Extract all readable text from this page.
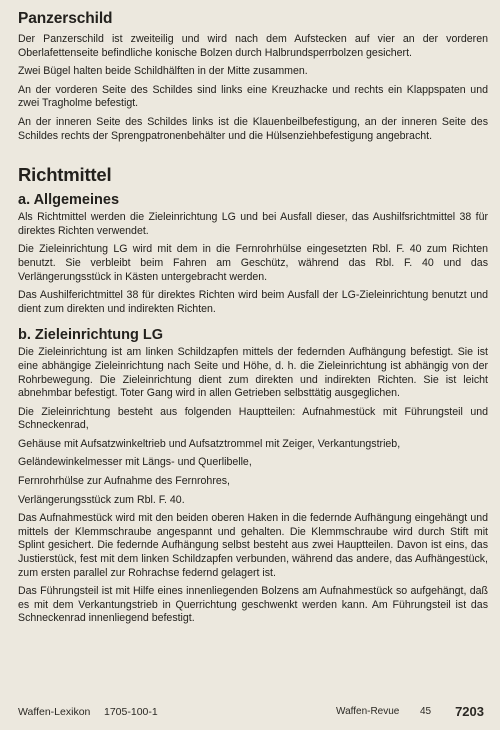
Panzerschild

Der Panzerschild ist zweiteilig und wird nach dem Aufstecken auf vier an der vorderen Oberlafettenseite befindliche konische Bolzen durch Halbrundsperrbolzen gesichert.

Zwei Bügel halten beide Schildhälften in der Mitte zusammen.

An der vorderen Seite des Schildes sind links eine Kreuzhacke und rechts ein Klappspaten und zwei Tragholme befestigt.

An der inneren Seite des Schildes links ist die Klauenbeilbefestigung, an der inneren Seite des Schildes rechts der Sprengpatronenbehälter und die Hülsenziehbefestigung angebracht.

Richtmittel
a. Allgemeines

Als Richtmittel werden die Zieleinrichtung LG und bei Ausfall dieser, das Aushilfsrichtmittel 38 für direktes Richten verwendet.

Die Zieleinrichtung LG wird mit dem in die Fernrohrhülse eingesetzten Rbl. F. 40 zum Richten benutzt. Sie verbleibt beim Fahren am Geschütz, während das Rbl. F. 40 und das Verlängerungsstück in Kästen untergebracht werden.

Das Aushilferichtmittel 38 für direktes Richten wird beim Ausfall der LG-Zieleinrichtung benutzt und dient zum direkten und indirekten Richten.

b. Zieleinrichtung LG

Die Zieleinrichtung ist am linken Schildzapfen mittels der federnden Aufhängung befestigt. Sie ist eine abhängige Zieleinrichtung nach Seite und Höhe, d. h. die Zieleinrichtung ist abhängig von der Rohrbewegung. Die Zieleinrichtung dient zum direkten und indirekten Richten. Sie ist leicht abnehmbar befestigt. Toter Gang wird in allen Getrieben selbsttätig ausgeglichen.

Die Zieleinrichtung besteht aus folgenden Hauptteilen: Aufnahmestück mit Führungsteil und Schneckenrad,

Gehäuse mit Aufsatzwinkeltrieb und Aufsatztrommel mit Zeiger, Verkantungstrieb,

Geländewinkelmesser mit Längs- und Querlibelle,

Fernrohrhülse zur Aufnahme des Fernrohres,

Verlängerungsstück zum Rbl. F. 40.

Das Aufnahmestück wird mit den beiden oberen Haken in die federnde Aufhängung eingehängt und mittels der Klemmschraube angespannt und gehalten. Die Klemmschraube wird durch Stift mit Splint gesichert. Die federnde Aufhängung selbst besteht aus zwei Hauptteilen. Davon ist eins, das Justierstück, fest mit dem linken Schildzapfen verbunden, während das andere, das Aufhängestück, zum ersten parallel zur Rohrachse federnd gelagert ist.

Das Führungsteil ist mit Hilfe eines innenliegenden Bolzens am Aufnahmestück so aufgehängt, daß es mit dem Verkantungstrieb in Querrichtung geschwenkt werden kann. Am Führungsteil ist das Schneckenrad innenliegend befestigt.

Waffen-Lexikon 1705-100-1	Waffen-Revue 45 7203
